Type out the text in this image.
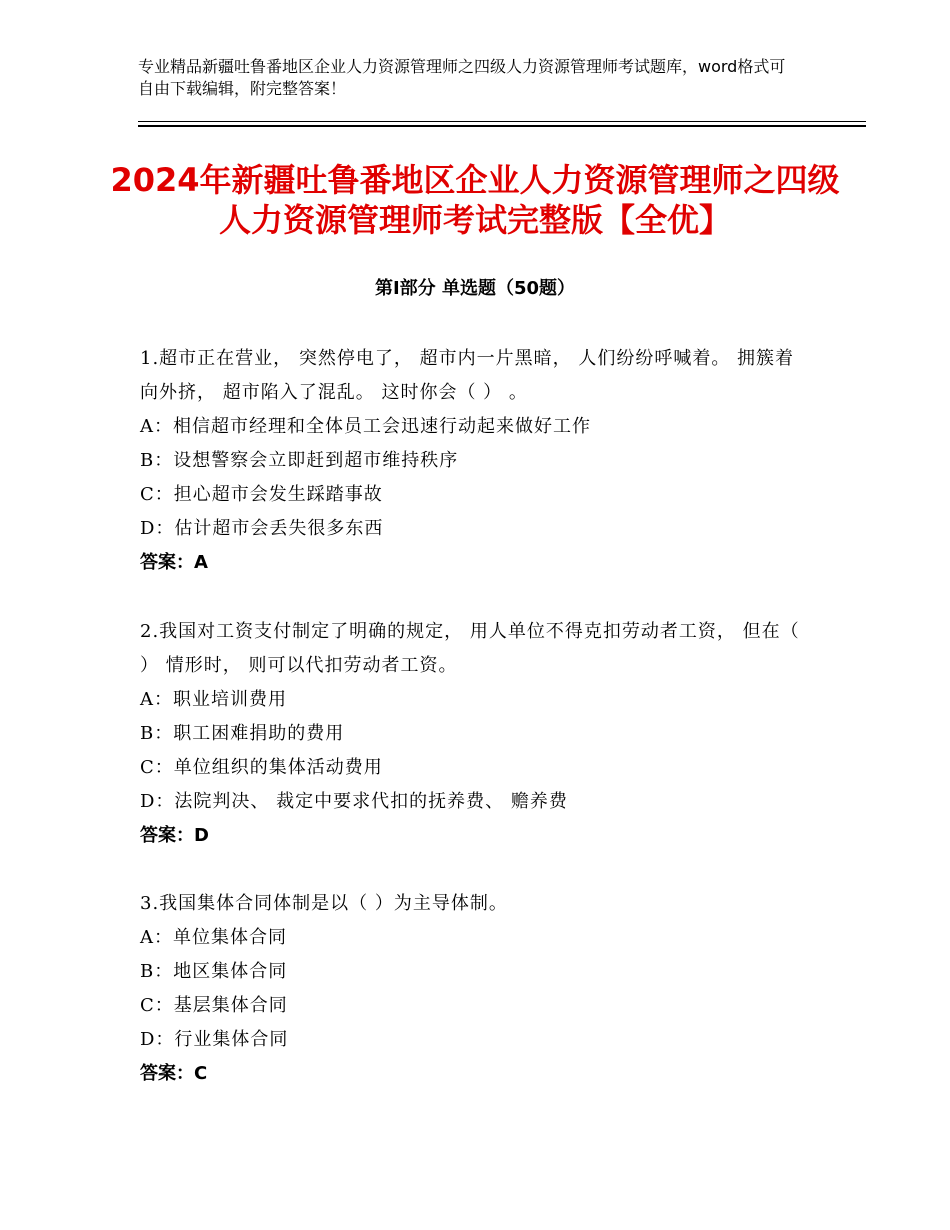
专业精品新疆吐鲁番地区企业人力资源管理师之四级人力资源管理师考试题库，word格式可自由下载编辑，附完整答案！
2024年新疆吐鲁番地区企业人力资源管理师之四级人力资源管理师考试完整版【全优】
第Ⅰ部分 单选题（50题）

1.超市正在营业， 突然停电了， 超市内一片黑暗， 人们纷纷呼喊着。 拥簇着向外挤， 超市陷入了混乱。 这时你会（ ） 。

A：相信超市经理和全体员工会迅速行动起来做好工作

B：设想警察会立即赶到超市维持秩序

C：担心超市会发生踩踏事故

D：估计超市会丢失很多东西

答案：A

2.我国对工资支付制定了明确的规定， 用人单位不得克扣劳动者工资， 但在（ ） 情形时， 则可以代扣劳动者工资。

A：职业培训费用

B：职工困难捐助的费用

C：单位组织的集体活动费用

D：法院判决、 裁定中要求代扣的抚养费、 赡养费

答案：D

3.我国集体合同体制是以（ ）为主导体制。

A：单位集体合同

B：地区集体合同

C：基层集体合同

D：行业集体合同

答案：C
